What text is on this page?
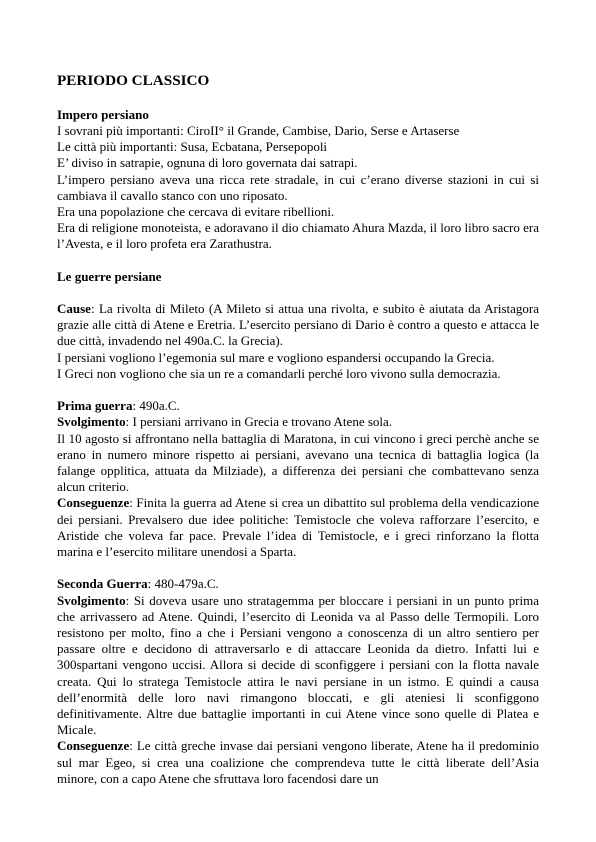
PERIODO CLASSICO
Impero persiano

I sovrani più importanti: CiroII° il Grande, Cambise, Dario, Serse e Artaserse

Le città più importanti: Susa, Ecbatana, Persepopoli

E’ diviso in satrapie, ognuna di loro governata dai satrapi.

L’impero persiano aveva una ricca rete stradale, in cui c’erano diverse stazioni in cui si cambiava il cavallo stanco con uno riposato.

Era una popolazione che cercava di evitare ribellioni.

Era di religione monoteista, e adoravano il dio chiamato Ahura Mazda, il loro libro sacro era l’Avesta, e il loro profeta era Zarathustra.

Le guerre persiane

Cause: La rivolta di Mileto (A Mileto si attua una rivolta, e subito è aiutata da Aristagora grazie alle città di Atene e Eretria. L’esercito persiano di Dario è contro a questo e attacca le due città, invadendo nel 490a.C. la Grecia).

I persiani vogliono l’egemonia sul mare e vogliono espandersi occupando la Grecia.

I Greci non vogliono che sia un re a comandarli perché loro vivono sulla democrazia.

Prima guerra: 490a.C.

Svolgimento: I persiani arrivano in Grecia e trovano Atene sola.

Il 10 agosto si affrontano nella battaglia di Maratona, in cui vincono i greci perchè anche se erano in numero minore rispetto ai persiani, avevano una tecnica di battaglia logica (la falange opplitica, attuata da Milziade), a differenza dei persiani che combattevano senza alcun criterio.

Conseguenze: Finita la guerra ad Atene si crea un dibattito sul problema della vendicazione dei persiani. Prevalsero due idee politiche: Temistocle che voleva rafforzare l’esercito, e Aristide che voleva far pace. Prevale l’idea di Temistocle, e i greci rinforzano la flotta marina e l’esercito militare unendosi a Sparta.

Seconda Guerra: 480-479a.C.

Svolgimento: Si doveva usare uno stratagemma per bloccare i persiani in un punto prima che arrivassero ad Atene. Quindi, l’esercito di Leonida va al Passo delle Termopili. Loro resistono per molto, fino a che i Persiani vengono a conoscenza di un altro sentiero per passare oltre e decidono di attraversarlo e di attaccare Leonida da dietro. Infatti lui e 300spartani vengono uccisi. Allora si decide di sconfiggere i persiani con la flotta navale creata. Qui lo stratega Temistocle attira le navi persiane in un istmo. E quindi a causa dell’enormità delle loro navi rimangono bloccati, e gli ateniesi li sconfiggono definitivamente. Altre due battaglie importanti in cui Atene vince sono quelle di Platea e Micale.

Conseguenze: Le città greche invase dai persiani vengono liberate, Atene ha il predominio sul mar Egeo, si crea una coalizione che comprendeva tutte le città liberate dell’Asia minore, con a capo Atene che sfruttava loro facendosi dare un
